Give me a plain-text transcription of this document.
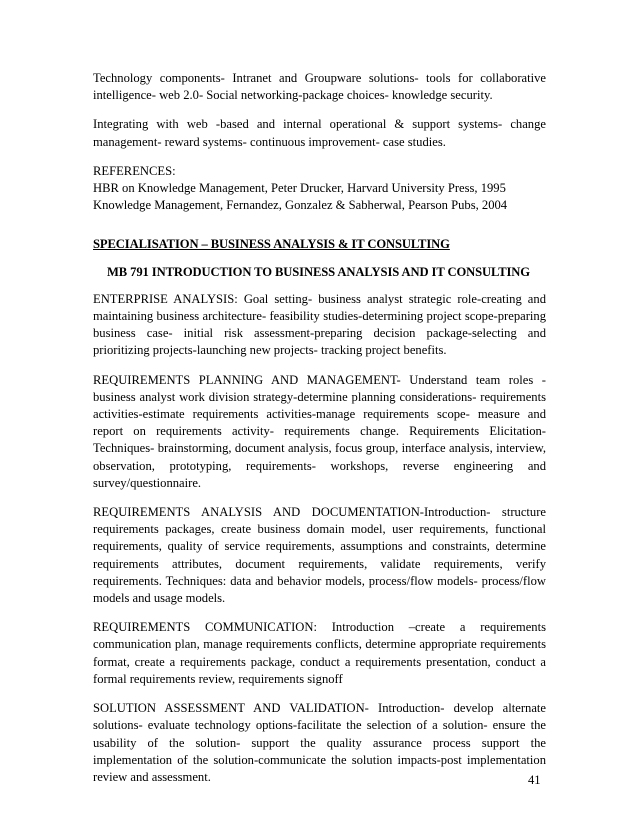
Technology components- Intranet and Groupware solutions- tools for collaborative intelligence- web 2.0- Social networking-package choices- knowledge security.

Integrating with web -based and internal operational & support systems- change management- reward systems- continuous improvement- case studies.

REFERENCES:
HBR on Knowledge Management, Peter Drucker, Harvard University Press, 1995
Knowledge Management, Fernandez, Gonzalez & Sabherwal, Pearson Pubs, 2004

SPECIALISATION – BUSINESS ANALYSIS & IT CONSULTING

MB 791 INTRODUCTION TO BUSINESS ANALYSIS AND IT CONSULTING

ENTERPRISE ANALYSIS: Goal setting- business analyst strategic role-creating and maintaining business architecture- feasibility studies-determining project scope-preparing business case- initial risk assessment-preparing decision package-selecting and prioritizing projects-launching new projects- tracking project benefits.

REQUIREMENTS PLANNING AND MANAGEMENT- Understand team roles - business analyst work division strategy-determine planning considerations- requirements activities-estimate requirements activities-manage requirements scope- measure and report on requirements activity- requirements change. Requirements Elicitation-Techniques- brainstorming, document analysis, focus group, interface analysis, interview, observation, prototyping, requirements- workshops, reverse engineering and survey/questionnaire.

REQUIREMENTS ANALYSIS AND DOCUMENTATION-Introduction- structure requirements packages, create business domain model, user requirements, functional requirements, quality of service requirements, assumptions and constraints, determine requirements attributes, document requirements, validate requirements, verify requirements. Techniques: data and behavior models, process/flow models- process/flow models and usage models.

REQUIREMENTS COMMUNICATION: Introduction –create a requirements communication plan, manage requirements conflicts, determine appropriate requirements format, create a requirements package, conduct a requirements presentation, conduct a formal requirements review, requirements signoff

SOLUTION ASSESSMENT AND VALIDATION- Introduction- develop alternate solutions- evaluate technology options-facilitate the selection of a solution- ensure the usability of the solution- support the quality assurance process support the implementation of the solution-communicate the solution impacts-post implementation review and assessment.	41
